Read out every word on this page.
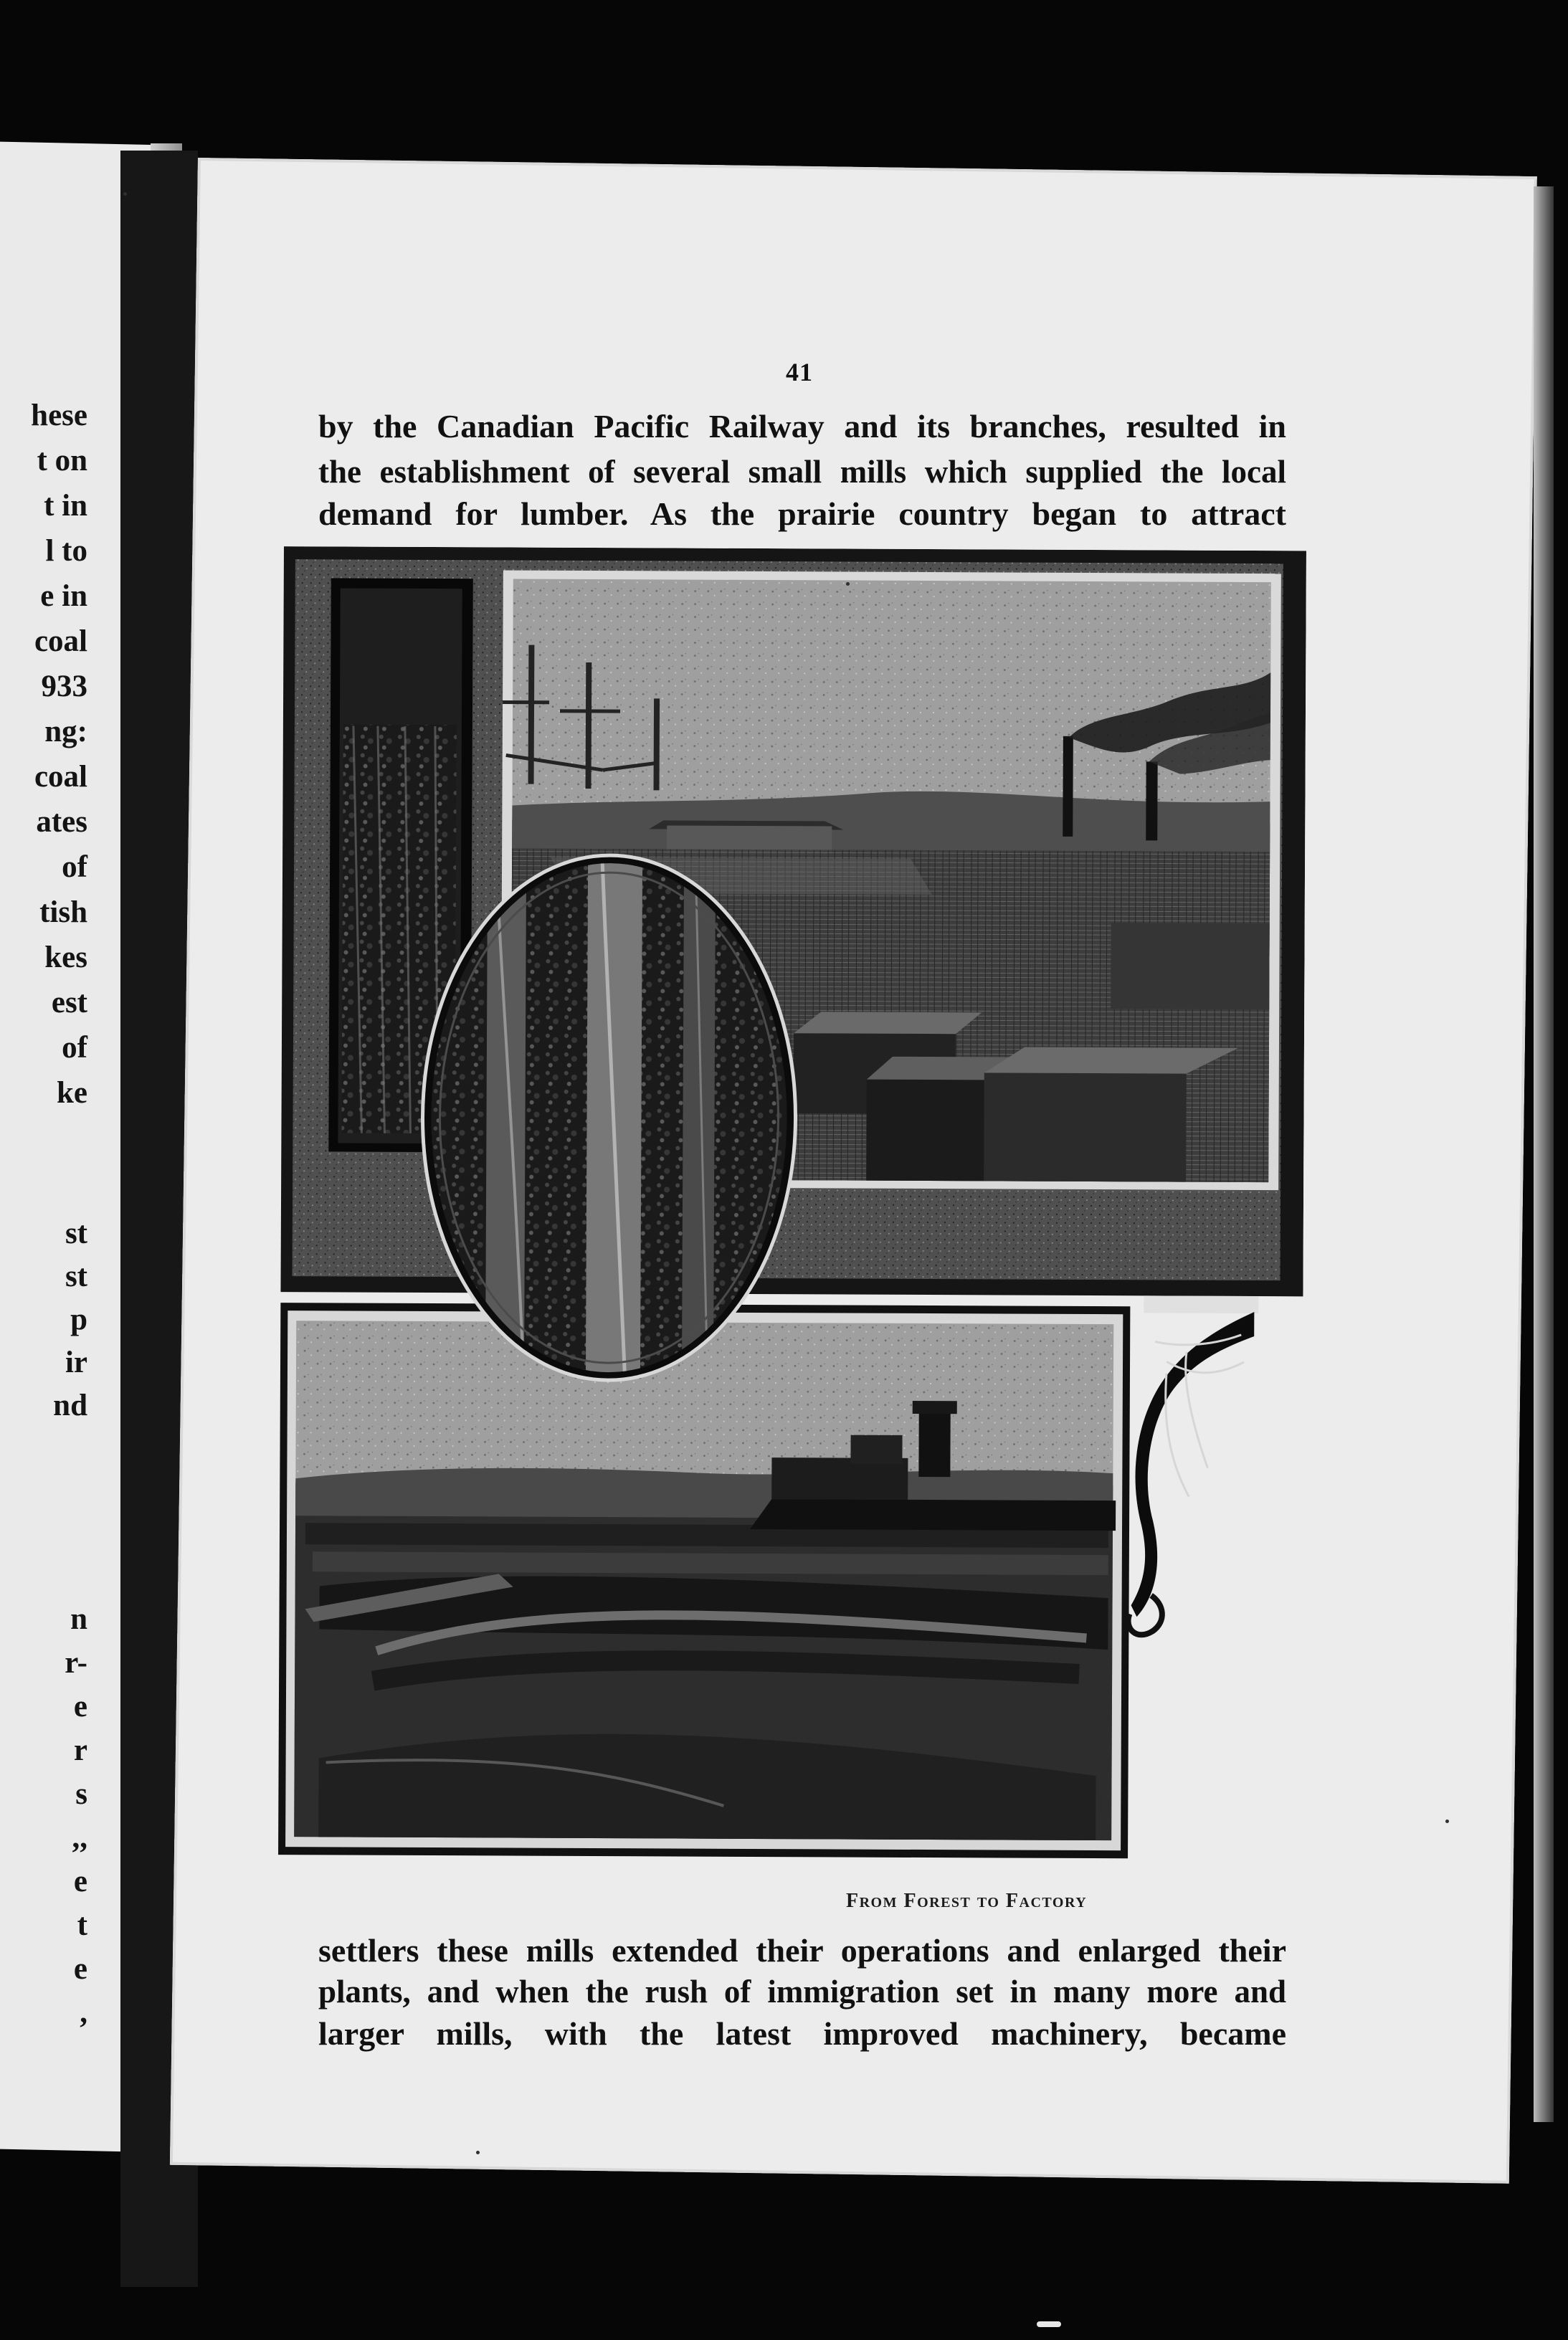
hese
t on
t in
l to
e in
coal
933
ng:
coal
ates
of
tish
kes
est
of
ke
st
st
p
ir
nd
n
r-
e
r
s
,,
e
t
e
,
41
by the Canadian Pacific Railway and its branches, resulted in
the establishment of several small mills which supplied the local
demand for lumber. As the prairie country began to attract
From Forest to Factory
settlers these mills extended their operations and enlarged their
plants, and when the rush of immigration set in many more and
larger mills, with the latest improved machinery, became
